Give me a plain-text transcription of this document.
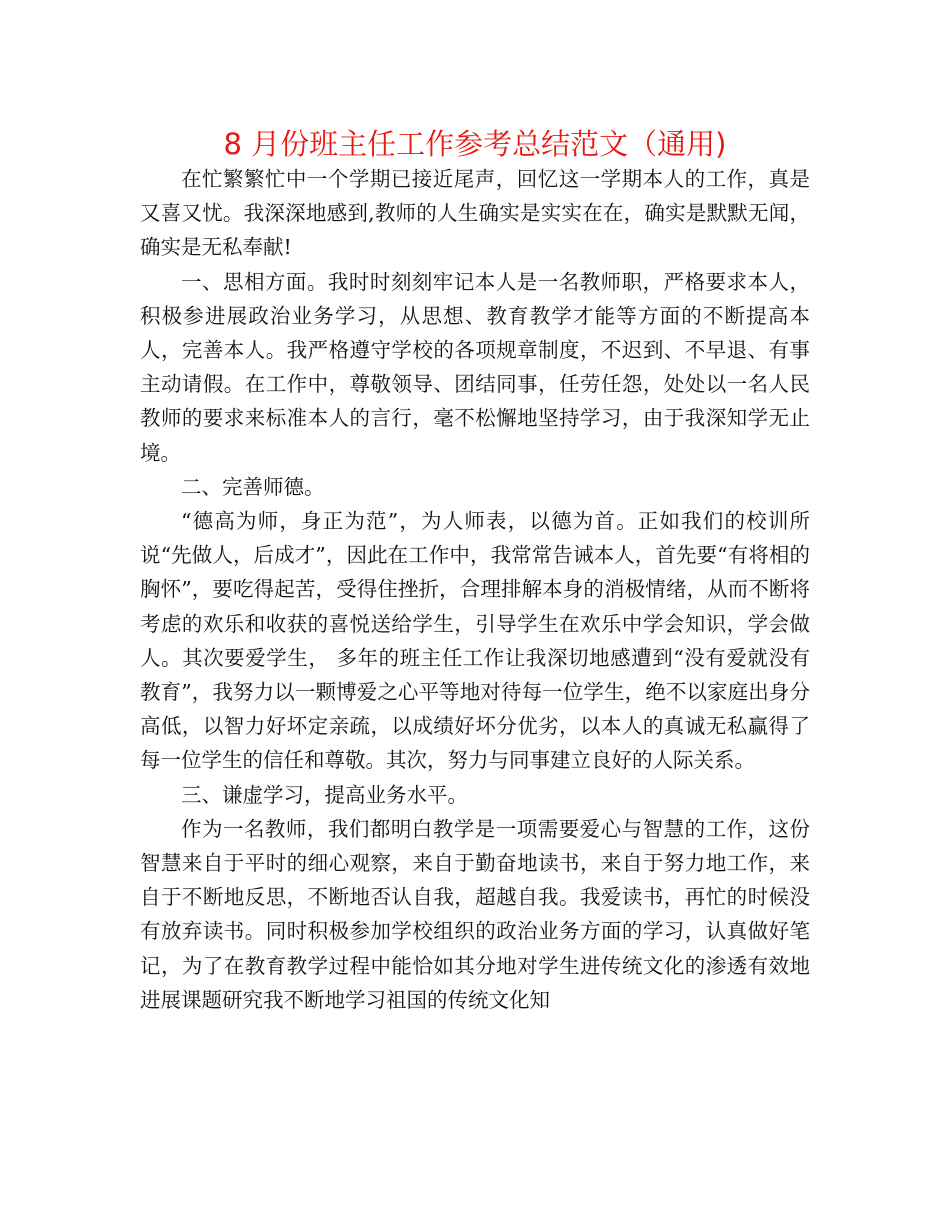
8 月份班主任工作参考总结范文（通用)

在忙繁繁忙中一个学期已接近尾声，回忆这一学期本人的工作，真是又喜又忧。我深深地感到,教师的人生确实是实实在在，确实是默默无闻，确实是无私奉献!

一、思相方面。我时时刻刻牢记本人是一名教师职，严格要求本人，积极参进展政治业务学习，从思想、教育教学才能等方面的不断提高本人，完善本人。我严格遵守学校的各项规章制度，不迟到、不早退、有事主动请假。在工作中，尊敬领导、团结同事，任劳任怨，处处以一名人民教师的要求来标准本人的言行，毫不松懈地坚持学习，由于我深知学无止境。

二、完善师德。

“德高为师，身正为范”，为人师表，以德为首。正如我们的校训所说“先做人，后成才”，因此在工作中，我常常告诫本人，首先要“有将相的胸怀”，要吃得起苦，受得住挫折，合理排解本身的消极情绪，从而不断将考虑的欢乐和收获的喜悦送给学生，引导学生在欢乐中学会知识，学会做人。其次要爱学生， 多年的班主任工作让我深切地感遭到“没有爱就没有教育”，我努力以一颗博爱之心平等地对待每一位学生，绝不以家庭出身分高低，以智力好坏定亲疏，以成绩好坏分优劣，以本人的真诚无私赢得了每一位学生的信任和尊敬。其次，努力与同事建立良好的人际关系。

三、谦虚学习，提高业务水平。

作为一名教师，我们都明白教学是一项需要爱心与智慧的工作，这份智慧来自于平时的细心观察，来自于勤奋地读书，来自于努力地工作，来自于不断地反思，不断地否认自我，超越自我。我爱读书，再忙的时候没有放弃读书。同时积极参加学校组织的政治业务方面的学习，认真做好笔记，为了在教育教学过程中能恰如其分地对学生进传统文化的渗透有效地进展课题研究我不断地学习祖国的传统文化知
